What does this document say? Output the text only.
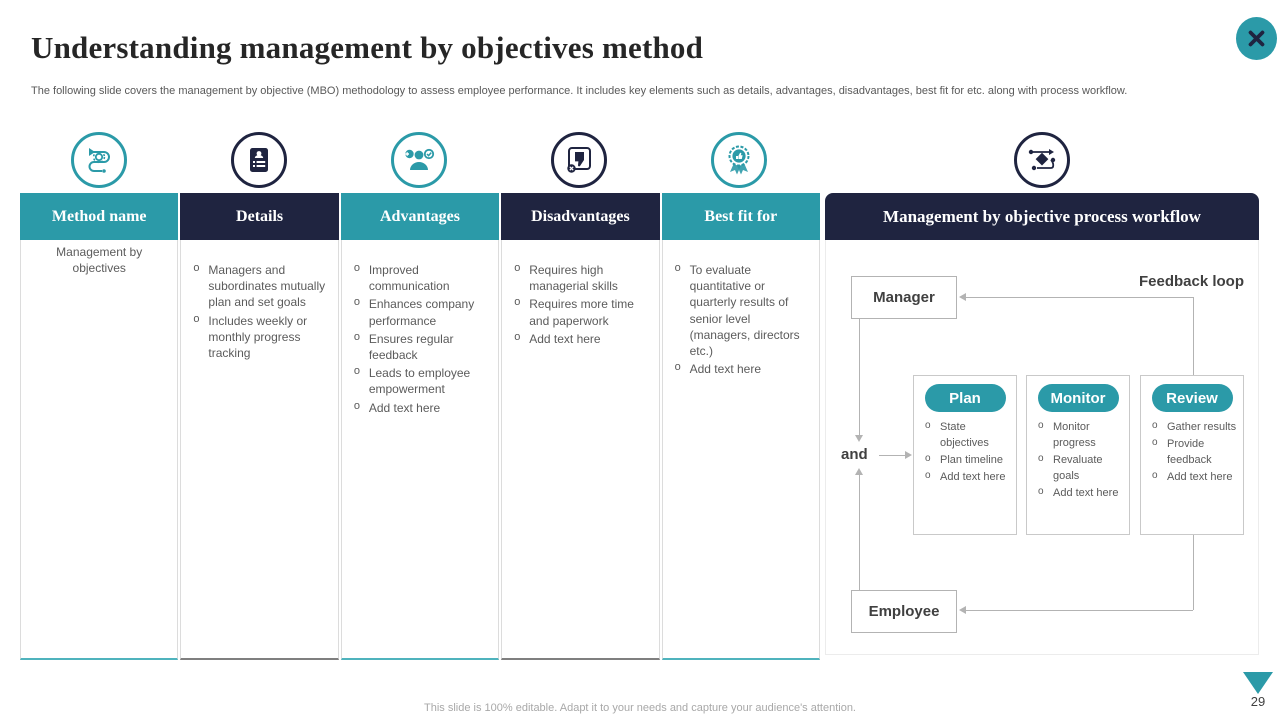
Understanding management by objectives method

The following slide covers the management by objective (MBO) methodology to assess employee performance. It includes key elements such as details, advantages, disadvantages, best fit for etc. along with process workflow.

Method name
Management by objectives
Details
o Managers and subordinates mutually plan and set goals
o Includes weekly or monthly progress tracking
Advantages
o Improved communication
o Enhances company performance
o Ensures regular feedback
o Leads to employee empowerment
o Add text here
Disadvantages
o Requires high managerial skills
o Requires more time and paperwork
o Add text here
Best fit for
o To evaluate quantitative or quarterly results of senior level (managers, directors etc.)
o Add text here
Management by objective process workflow
Feedback loop
Manager
Employee
and
Plan
o State objectives
o Plan timeline
o Add text here
Monitor
o Monitor progress
o Revaluate goals
o Add text here
Review
o Gather results
o Provide feedback
o Add text here
This slide is 100% editable. Adapt it to your needs and capture your audience's attention.	29
